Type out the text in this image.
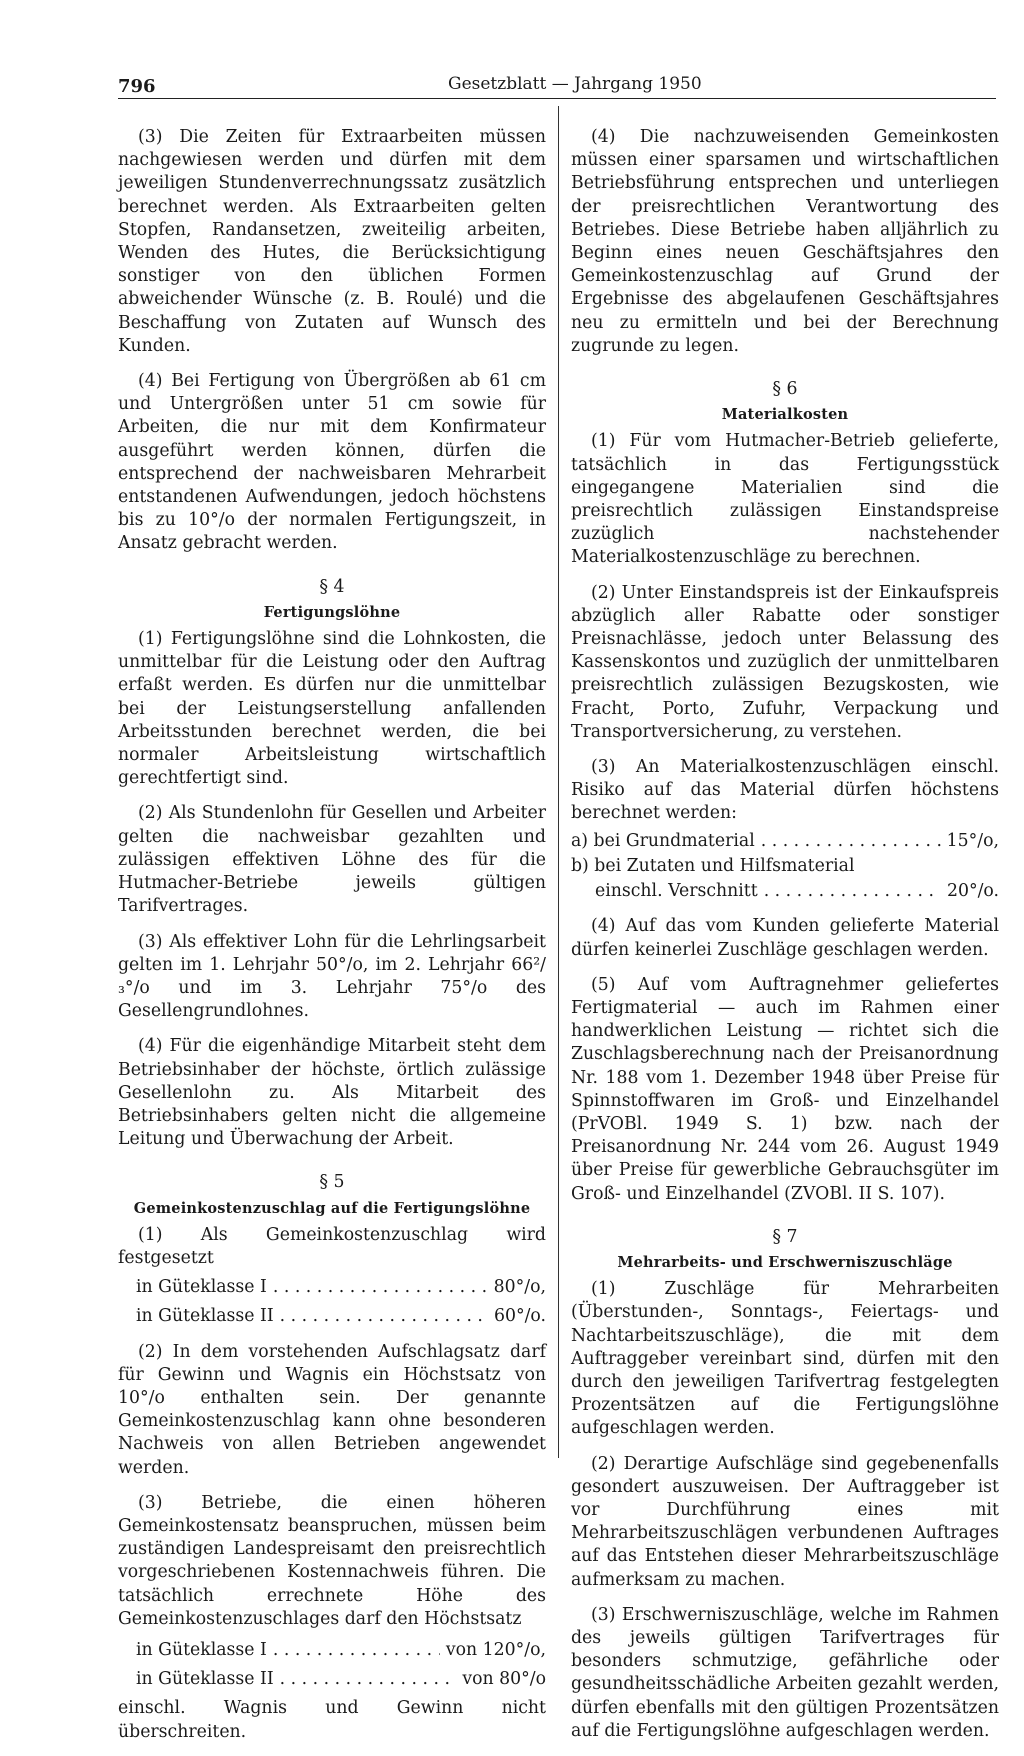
796	Gesetzblatt — Jahrgang 1950

(3) Die Zeiten für Extraarbeiten müssen nachgewiesen werden und dürfen mit dem jeweiligen Stundenverrechnungssatz zusätzlich berechnet werden. Als Extraarbeiten gelten Stopfen, Randansetzen, zweiteilig arbeiten, Wenden des Hutes, die Berücksichtigung sonstiger von den üblichen Formen abweichender Wünsche (z. B. Roulé) und die Beschaffung von Zutaten auf Wunsch des Kunden.

(4) Bei Fertigung von Übergrößen ab 61 cm und Untergrößen unter 51 cm sowie für Arbeiten, die nur mit dem Konfirmateur ausgeführt werden können, dürfen die entsprechend der nachweisbaren Mehrarbeit entstandenen Aufwendungen, jedoch höchstens bis zu 10°/o der normalen Fertigungszeit, in Ansatz gebracht werden.

§ 4
Fertigungslöhne

(1) Fertigungslöhne sind die Lohnkosten, die unmittelbar für die Leistung oder den Auftrag erfaßt werden. Es dürfen nur die unmittelbar bei der Leistungserstellung anfallenden Arbeitsstunden berechnet werden, die bei normaler Arbeitsleistung wirtschaftlich gerechtfertigt sind.

(2) Als Stundenlohn für Gesellen und Arbeiter gelten die nachweisbar gezahlten und zulässigen effektiven Löhne des für die Hutmacher-Betriebe jeweils gültigen Tarifvertrages.

(3) Als effektiver Lohn für die Lehrlingsarbeit gelten im 1. Lehrjahr 50°/o, im 2. Lehrjahr 66²/₃°/o und im 3. Lehrjahr 75°/o des Gesellengrundlohnes.

(4) Für die eigenhändige Mitarbeit steht dem Betriebsinhaber der höchste, örtlich zulässige Gesellenlohn zu. Als Mitarbeit des Betriebsinhabers gelten nicht die allgemeine Leitung und Überwachung der Arbeit.

§ 5
Gemeinkostenzuschlag auf die Fertigungslöhne

(1) Als Gemeinkostenzuschlag wird festgesetzt

in Güteklasse I . . .	80°/o,
in Güteklasse II . . .	60°/o.

(2) In dem vorstehenden Aufschlagsatz darf für Gewinn und Wagnis ein Höchstsatz von 10°/o enthalten sein. Der genannte Gemeinkostenzuschlag kann ohne besonderen Nachweis von allen Betrieben angewendet werden.

(3) Betriebe, die einen höheren Gemeinkostensatz beanspruchen, müssen beim zuständigen Landespreisamt den preisrechtlich vorgeschriebenen Kostennachweis führen. Die tatsächlich errechnete Höhe des Gemeinkostenzuschlages darf den Höchstsatz

in Güteklasse I . . .	von 120°/o,
in Güteklasse II . . .	von 80°/o

einschl. Wagnis und Gewinn nicht überschreiten.

(4) Die nachzuweisenden Gemeinkosten müssen einer sparsamen und wirtschaftlichen Betriebsführung entsprechen und unterliegen der preisrechtlichen Verantwortung des Betriebes. Diese Betriebe haben alljährlich zu Beginn eines neuen Geschäftsjahres den Gemeinkostenzuschlag auf Grund der Ergebnisse des abgelaufenen Geschäftsjahres neu zu ermitteln und bei der Berechnung zugrunde zu legen.

§ 6
Materialkosten

(1) Für vom Hutmacher-Betrieb gelieferte, tatsächlich in das Fertigungsstück eingegangene Materialien sind die preisrechtlich zulässigen Einstandspreise zuzüglich nachstehender Materialkostenzuschläge zu berechnen.

(2) Unter Einstandspreis ist der Einkaufspreis abzüglich aller Rabatte oder sonstiger Preisnachlässe, jedoch unter Belassung des Kassenskontos und zuzüglich der unmittelbaren preisrechtlich zulässigen Bezugskosten, wie Fracht, Porto, Zufuhr, Verpackung und Transportversicherung, zu verstehen.

(3) An Materialkostenzuschlägen einschl. Risiko auf das Material dürfen höchstens berechnet werden:

a) bei Grundmaterial . . .	15°/o,
b) bei Zutaten und Hilfsmaterial
einschl. Verschnitt . . .	20°/o.

(4) Auf das vom Kunden gelieferte Material dürfen keinerlei Zuschläge geschlagen werden.

(5) Auf vom Auftragnehmer geliefertes Fertigmaterial — auch im Rahmen einer handwerklichen Leistung — richtet sich die Zuschlagsberechnung nach der Preisanordnung Nr. 188 vom 1. Dezember 1948 über Preise für Spinnstoffwaren im Groß- und Einzelhandel (PrVOBl. 1949 S. 1) bzw. nach der Preisanordnung Nr. 244 vom 26. August 1949 über Preise für gewerbliche Gebrauchsgüter im Groß- und Einzelhandel (ZVOBl. II S. 107).

§ 7
Mehrarbeits- und Erschwerniszuschläge

(1) Zuschläge für Mehrarbeiten (Überstunden-, Sonntags-, Feiertags- und Nachtarbeitszuschläge), die mit dem Auftraggeber vereinbart sind, dürfen mit den durch den jeweiligen Tarifvertrag festgelegten Prozentsätzen auf die Fertigungslöhne aufgeschlagen werden.

(2) Derartige Aufschläge sind gegebenenfalls gesondert auszuweisen. Der Auftraggeber ist vor Durchführung eines mit Mehrarbeitszuschlägen verbundenen Auftrages auf das Entstehen dieser Mehrarbeitszuschläge aufmerksam zu machen.

(3) Erschwerniszuschläge, welche im Rahmen des jeweils gültigen Tarifvertrages für besonders schmutzige, gefährliche oder gesundheitsschädliche Arbeiten gezahlt werden, dürfen ebenfalls mit den gültigen Prozentsätzen auf die Fertigungslöhne aufgeschlagen werden.
